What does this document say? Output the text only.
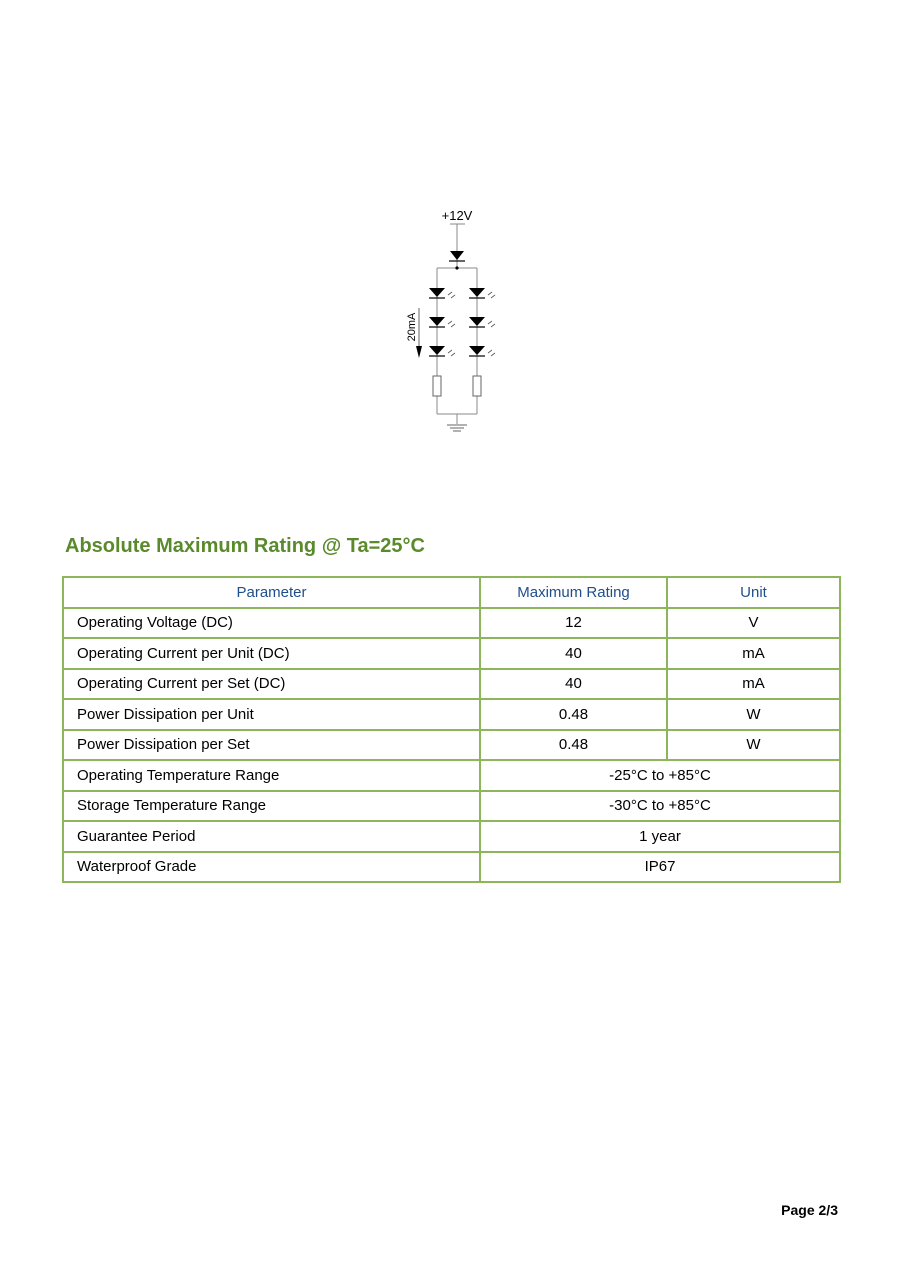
+12V
20mA
Absolute Maximum Rating @ Ta=25°C
Parameter	Maximum Rating	Unit
Operating Voltage (DC)	12	V
Operating Current per Unit (DC)	40	mA
Operating Current per Set (DC)	40	mA
Power Dissipation per Unit	0.48	W
Power Dissipation per Set	0.48	W
Operating Temperature Range	-25°C to +85°C	
Storage Temperature Range	-30°C to +85°C	
Guarantee Period	1 year	
Waterproof Grade	IP67	
Page 2/3
